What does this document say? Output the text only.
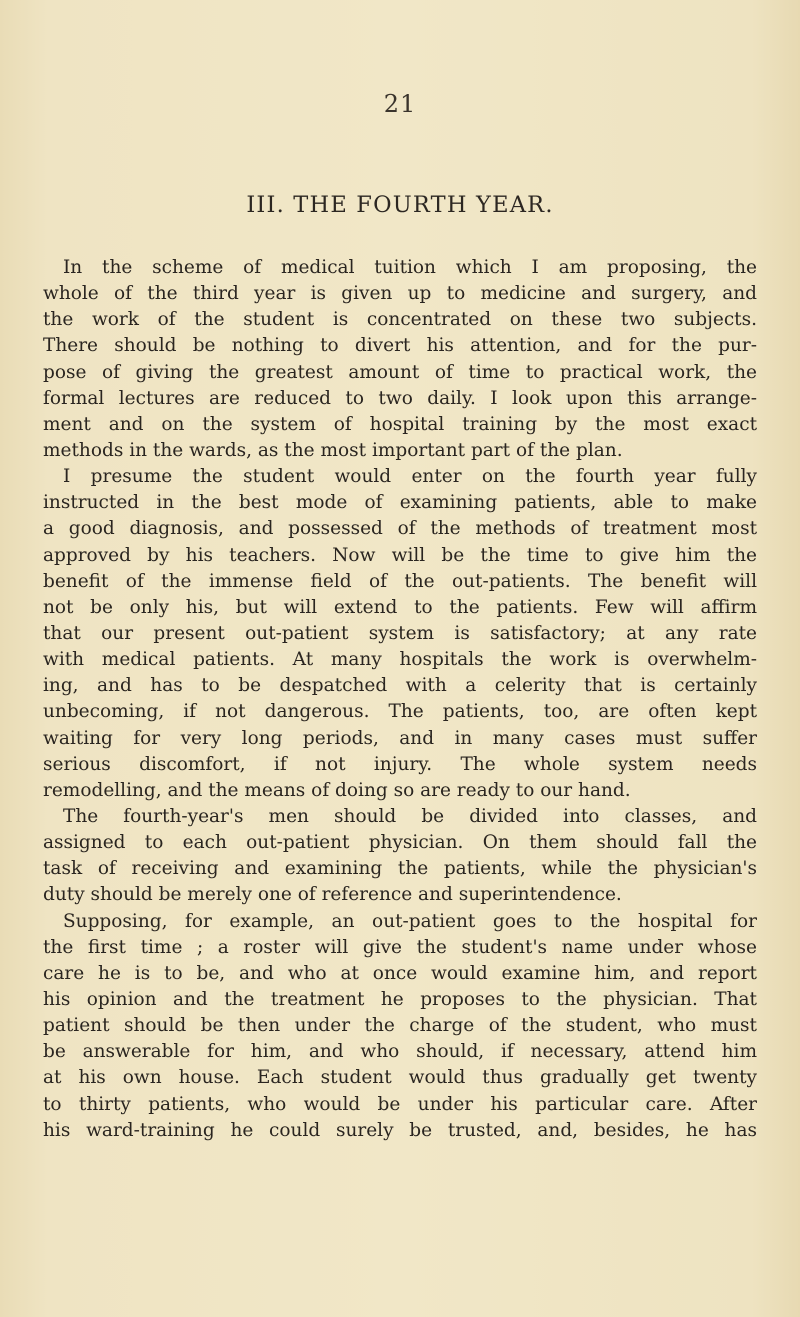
21
III. THE FOURTH YEAR.
In the scheme of medical tuition which I am proposing, the
whole of the third year is given up to medicine and surgery, and
the work of the student is concentrated on these two subjects.
There should be nothing to divert his attention, and for the pur-
pose of giving the greatest amount of time to practical work, the
formal lectures are reduced to two daily. I look upon this arrange-
ment and on the system of hospital training by the most exact
methods in the wards, as the most important part of the plan.
I presume the student would enter on the fourth year fully
instructed in the best mode of examining patients, able to make
a good diagnosis, and possessed of the methods of treatment most
approved by his teachers. Now will be the time to give him the
benefit of the immense field of the out-patients. The benefit will
not be only his, but will extend to the patients. Few will affirm
that our present out-patient system is satisfactory; at any rate
with medical patients. At many hospitals the work is overwhelm-
ing, and has to be despatched with a celerity that is certainly
unbecoming, if not dangerous. The patients, too, are often kept
waiting for very long periods, and in many cases must suffer
serious discomfort, if not injury. The whole system needs
remodelling, and the means of doing so are ready to our hand.
The fourth-year's men should be divided into classes, and
assigned to each out-patient physician. On them should fall the
task of receiving and examining the patients, while the physician's
duty should be merely one of reference and superintendence.
Supposing, for example, an out-patient goes to the hospital for
the first time ; a roster will give the student's name under whose
care he is to be, and who at once would examine him, and report
his opinion and the treatment he proposes to the physician. That
patient should be then under the charge of the student, who must
be answerable for him, and who should, if necessary, attend him
at his own house. Each student would thus gradually get twenty
to thirty patients, who would be under his particular care. After
his ward-training he could surely be trusted, and, besides, he has
